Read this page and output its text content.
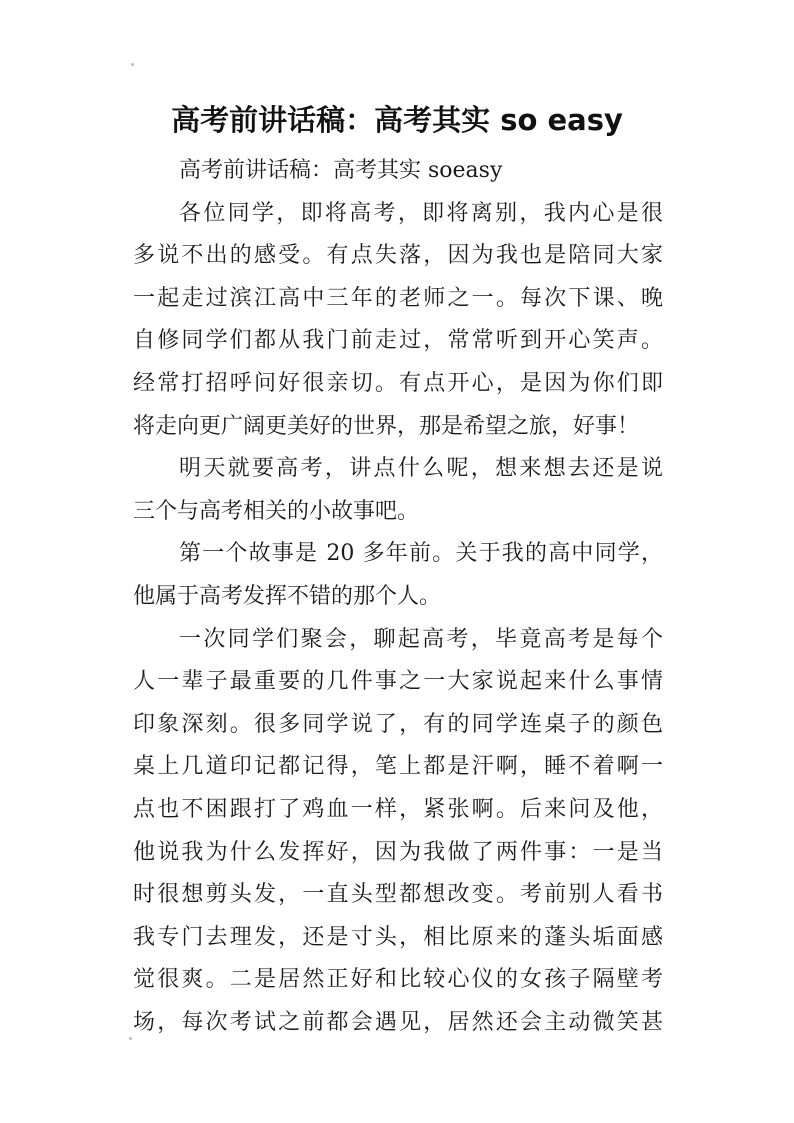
高考前讲话稿：高考其实 so easy
高考前讲话稿：高考其实 soeasy
各位同学，即将高考，即将离别，我内心是很
多说不出的感受。有点失落，因为我也是陪同大家
一起走过滨江高中三年的老师之一。每次下课、晚
自修同学们都从我门前走过，常常听到开心笑声。
经常打招呼问好很亲切。有点开心，是因为你们即
将走向更广阔更美好的世界，那是希望之旅，好事！
明天就要高考，讲点什么呢，想来想去还是说
三个与高考相关的小故事吧。
第一个故事是 20 多年前。关于我的高中同学，
他属于高考发挥不错的那个人。
一次同学们聚会，聊起高考，毕竟高考是每个
人一辈子最重要的几件事之一大家说起来什么事情
印象深刻。很多同学说了，有的同学连桌子的颜色
桌上几道印记都记得，笔上都是汗啊，睡不着啊一
点也不困跟打了鸡血一样，紧张啊。后来问及他，
他说我为什么发挥好，因为我做了两件事：一是当
时很想剪头发，一直头型都想改变。考前别人看书
我专门去理发，还是寸头，相比原来的蓬头垢面感
觉很爽。二是居然正好和比较心仪的女孩子隔壁考
场，每次考试之前都会遇见，居然还会主动微笑甚
